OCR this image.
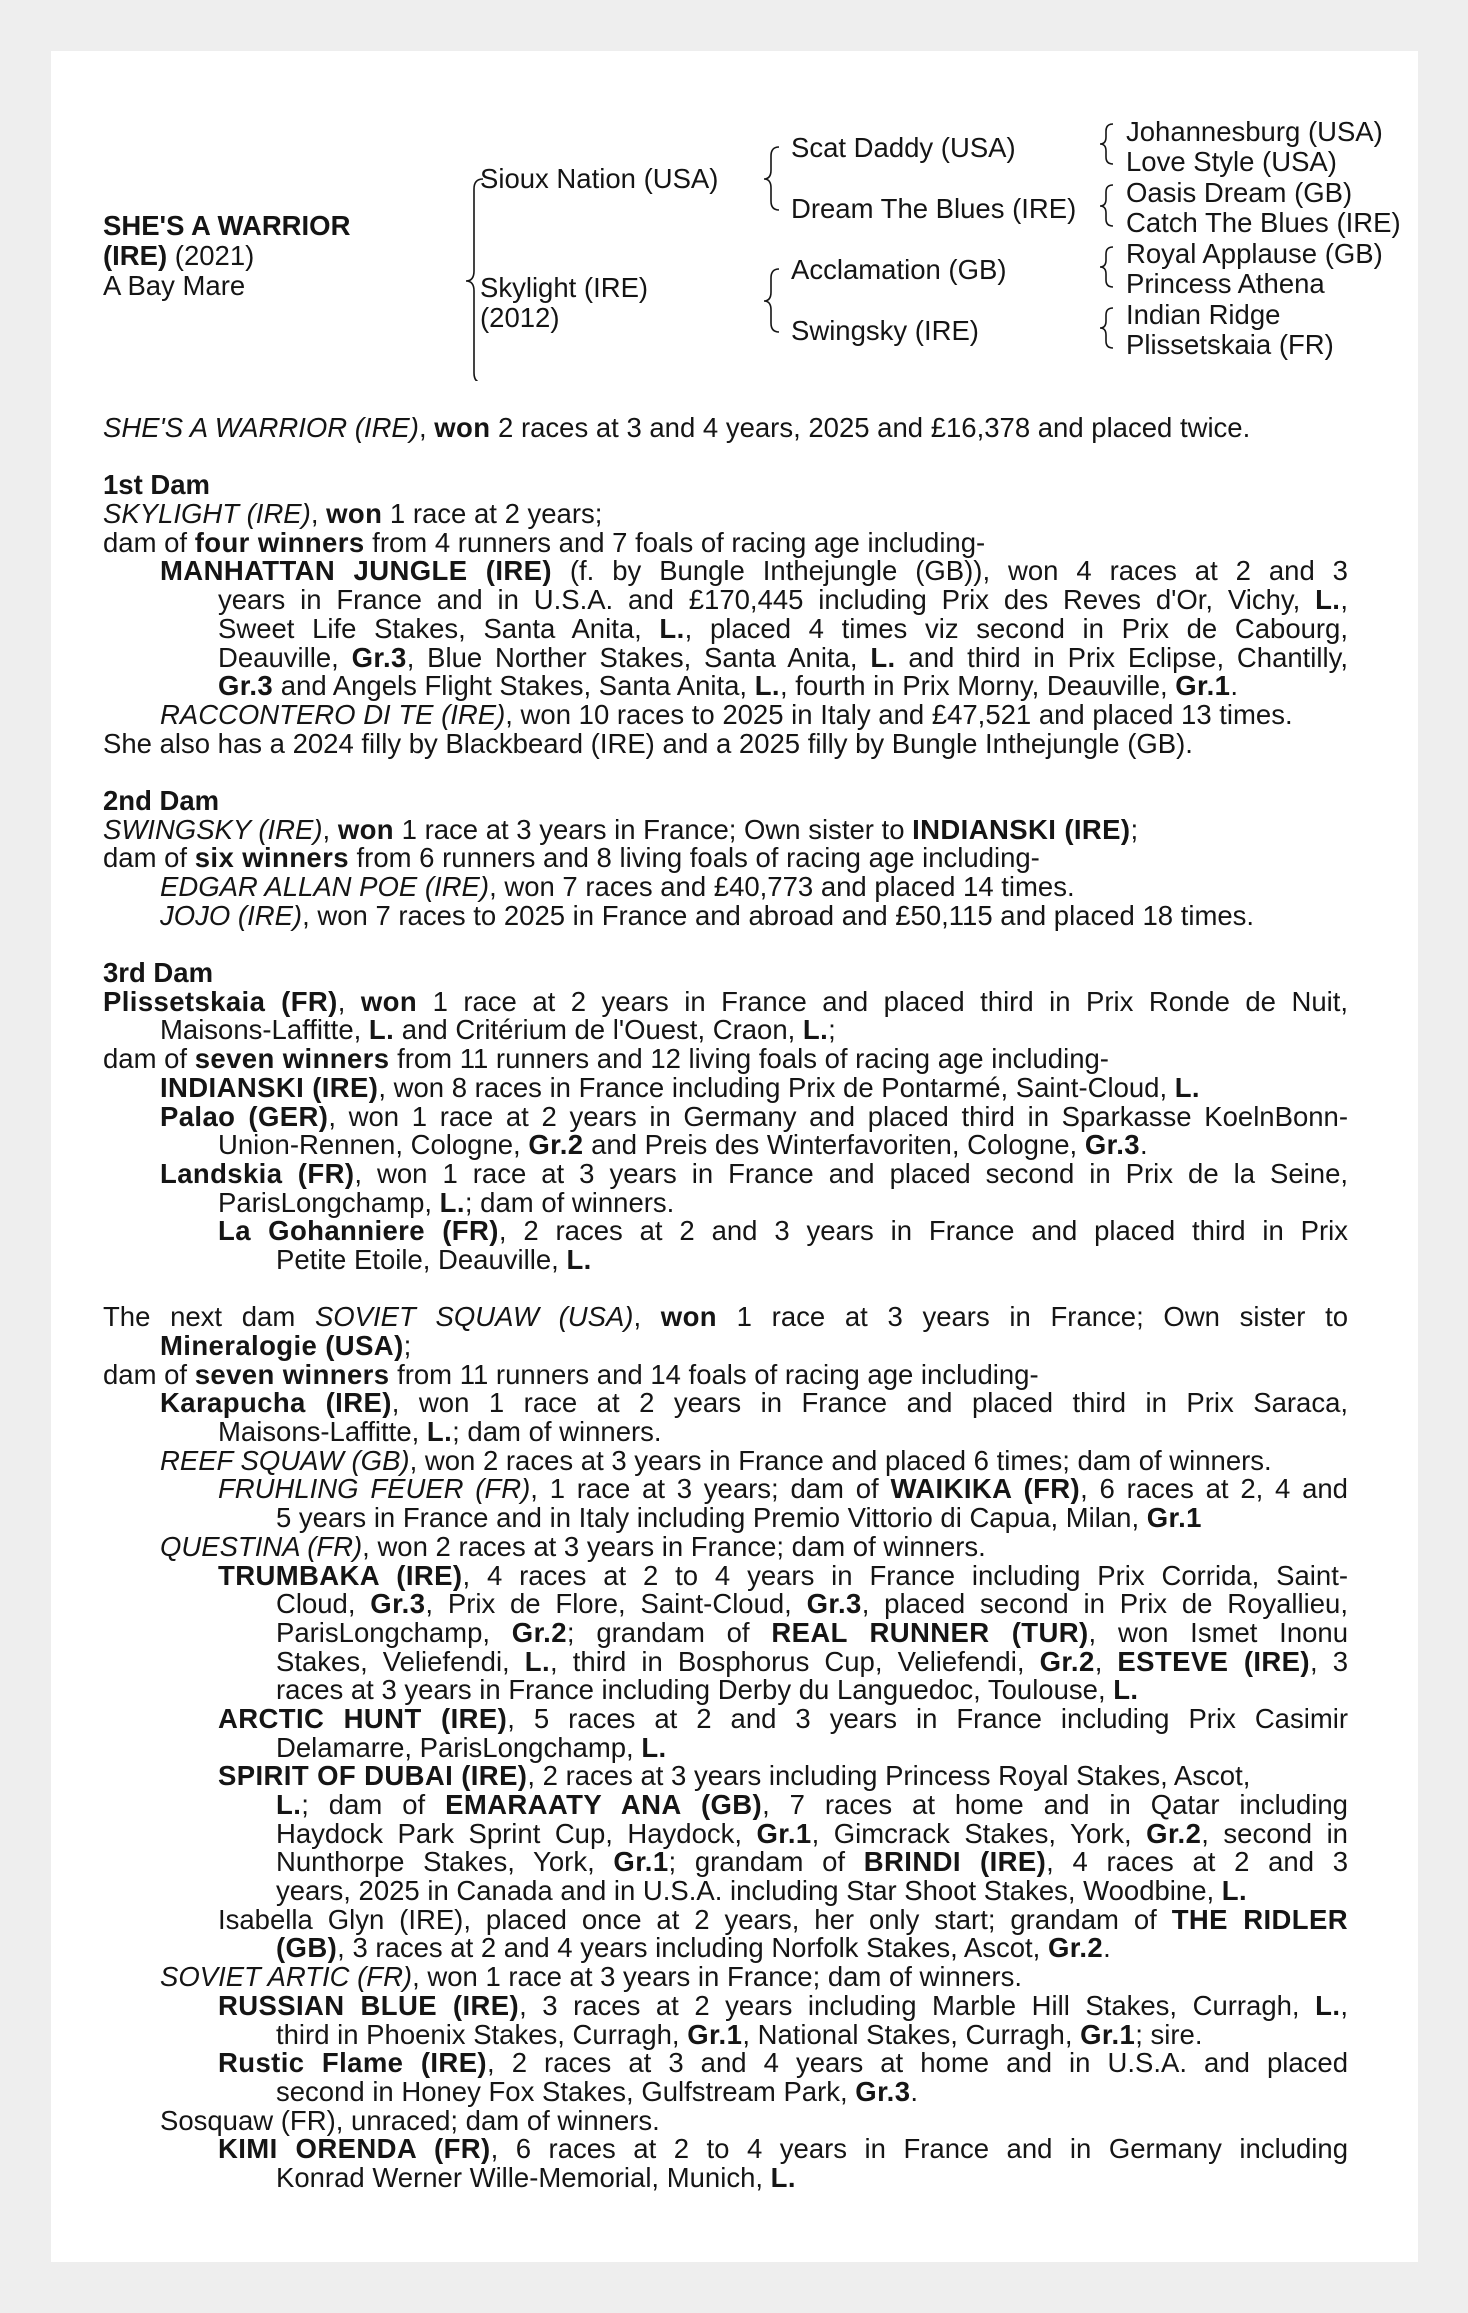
SHE'S A WARRIOR
(IRE) (2021)
A Bay Mare
Sioux Nation (USA)
Skylight (IRE)
(2012)
Scat Daddy (USA)
Dream The Blues (IRE)
Acclamation (GB)
Swingsky (IRE)
Johannesburg (USA)
Love Style (USA)
Oasis Dream (GB)
Catch The Blues (IRE)
Royal Applause (GB)
Princess Athena
Indian Ridge
Plissetskaia (FR)
SHE'S A WARRIOR (IRE), won 2 races at 3 and 4 years, 2025 and £16,378 and placed twice.
1st Dam
SKYLIGHT (IRE), won 1 race at 2 years;
dam of four winners from 4 runners and 7 foals of racing age including-
MANHATTAN JUNGLE (IRE) (f. by Bungle Inthejungle (GB)), won 4 races at 2 and 3
years in France and in U.S.A. and £170,445 including Prix des Reves d'Or, Vichy, L.,
Sweet Life Stakes, Santa Anita, L., placed 4 times viz second in Prix de Cabourg,
Deauville, Gr.3, Blue Norther Stakes, Santa Anita, L. and third in Prix Eclipse, Chantilly,
Gr.3 and Angels Flight Stakes, Santa Anita, L., fourth in Prix Morny, Deauville, Gr.1.
RACCONTERO DI TE (IRE), won 10 races to 2025 in Italy and £47,521 and placed 13 times.
She also has a 2024 filly by Blackbeard (IRE) and a 2025 filly by Bungle Inthejungle (GB).
2nd Dam
SWINGSKY (IRE), won 1 race at 3 years in France; Own sister to INDIANSKI (IRE);
dam of six winners from 6 runners and 8 living foals of racing age including-
EDGAR ALLAN POE (IRE), won 7 races and £40,773 and placed 14 times.
JOJO (IRE), won 7 races to 2025 in France and abroad and £50,115 and placed 18 times.
3rd Dam
Plissetskaia (FR), won 1 race at 2 years in France and placed third in Prix Ronde de Nuit,
Maisons-Laffitte, L. and Critérium de l'Ouest, Craon, L.;
dam of seven winners from 11 runners and 12 living foals of racing age including-
INDIANSKI (IRE), won 8 races in France including Prix de Pontarmé, Saint-Cloud, L.
Palao (GER), won 1 race at 2 years in Germany and placed third in Sparkasse KoelnBonn-
Union-Rennen, Cologne, Gr.2 and Preis des Winterfavoriten, Cologne, Gr.3.
Landskia (FR), won 1 race at 3 years in France and placed second in Prix de la Seine,
ParisLongchamp, L.; dam of winners.
La Gohanniere (FR), 2 races at 2 and 3 years in France and placed third in Prix
Petite Etoile, Deauville, L.
The next dam SOVIET SQUAW (USA), won 1 race at 3 years in France; Own sister to
Mineralogie (USA);
dam of seven winners from 11 runners and 14 foals of racing age including-
Karapucha (IRE), won 1 race at 2 years in France and placed third in Prix Saraca,
Maisons-Laffitte, L.; dam of winners.
REEF SQUAW (GB), won 2 races at 3 years in France and placed 6 times; dam of winners.
FRUHLING FEUER (FR), 1 race at 3 years; dam of WAIKIKA (FR), 6 races at 2, 4 and
5 years in France and in Italy including Premio Vittorio di Capua, Milan, Gr.1
QUESTINA (FR), won 2 races at 3 years in France; dam of winners.
TRUMBAKA (IRE), 4 races at 2 to 4 years in France including Prix Corrida, Saint-
Cloud, Gr.3, Prix de Flore, Saint-Cloud, Gr.3, placed second in Prix de Royallieu,
ParisLongchamp, Gr.2; grandam of REAL RUNNER (TUR), won Ismet Inonu
Stakes, Veliefendi, L., third in Bosphorus Cup, Veliefendi, Gr.2, ESTEVE (IRE), 3
races at 3 years in France including Derby du Languedoc, Toulouse, L.
ARCTIC HUNT (IRE), 5 races at 2 and 3 years in France including Prix Casimir
Delamarre, ParisLongchamp, L.
SPIRIT OF DUBAI (IRE), 2 races at 3 years including Princess Royal Stakes, Ascot,
L.; dam of EMARAATY ANA (GB), 7 races at home and in Qatar including
Haydock Park Sprint Cup, Haydock, Gr.1, Gimcrack Stakes, York, Gr.2, second in
Nunthorpe Stakes, York, Gr.1; grandam of BRINDI (IRE), 4 races at 2 and 3
years, 2025 in Canada and in U.S.A. including Star Shoot Stakes, Woodbine, L.
Isabella Glyn (IRE), placed once at 2 years, her only start; grandam of THE RIDLER
(GB), 3 races at 2 and 4 years including Norfolk Stakes, Ascot, Gr.2.
SOVIET ARTIC (FR), won 1 race at 3 years in France; dam of winners.
RUSSIAN BLUE (IRE), 3 races at 2 years including Marble Hill Stakes, Curragh, L.,
third in Phoenix Stakes, Curragh, Gr.1, National Stakes, Curragh, Gr.1; sire.
Rustic Flame (IRE), 2 races at 3 and 4 years at home and in U.S.A. and placed
second in Honey Fox Stakes, Gulfstream Park, Gr.3.
Sosquaw (FR), unraced; dam of winners.
KIMI ORENDA (FR), 6 races at 2 to 4 years in France and in Germany including
Konrad Werner Wille-Memorial, Munich, L.
